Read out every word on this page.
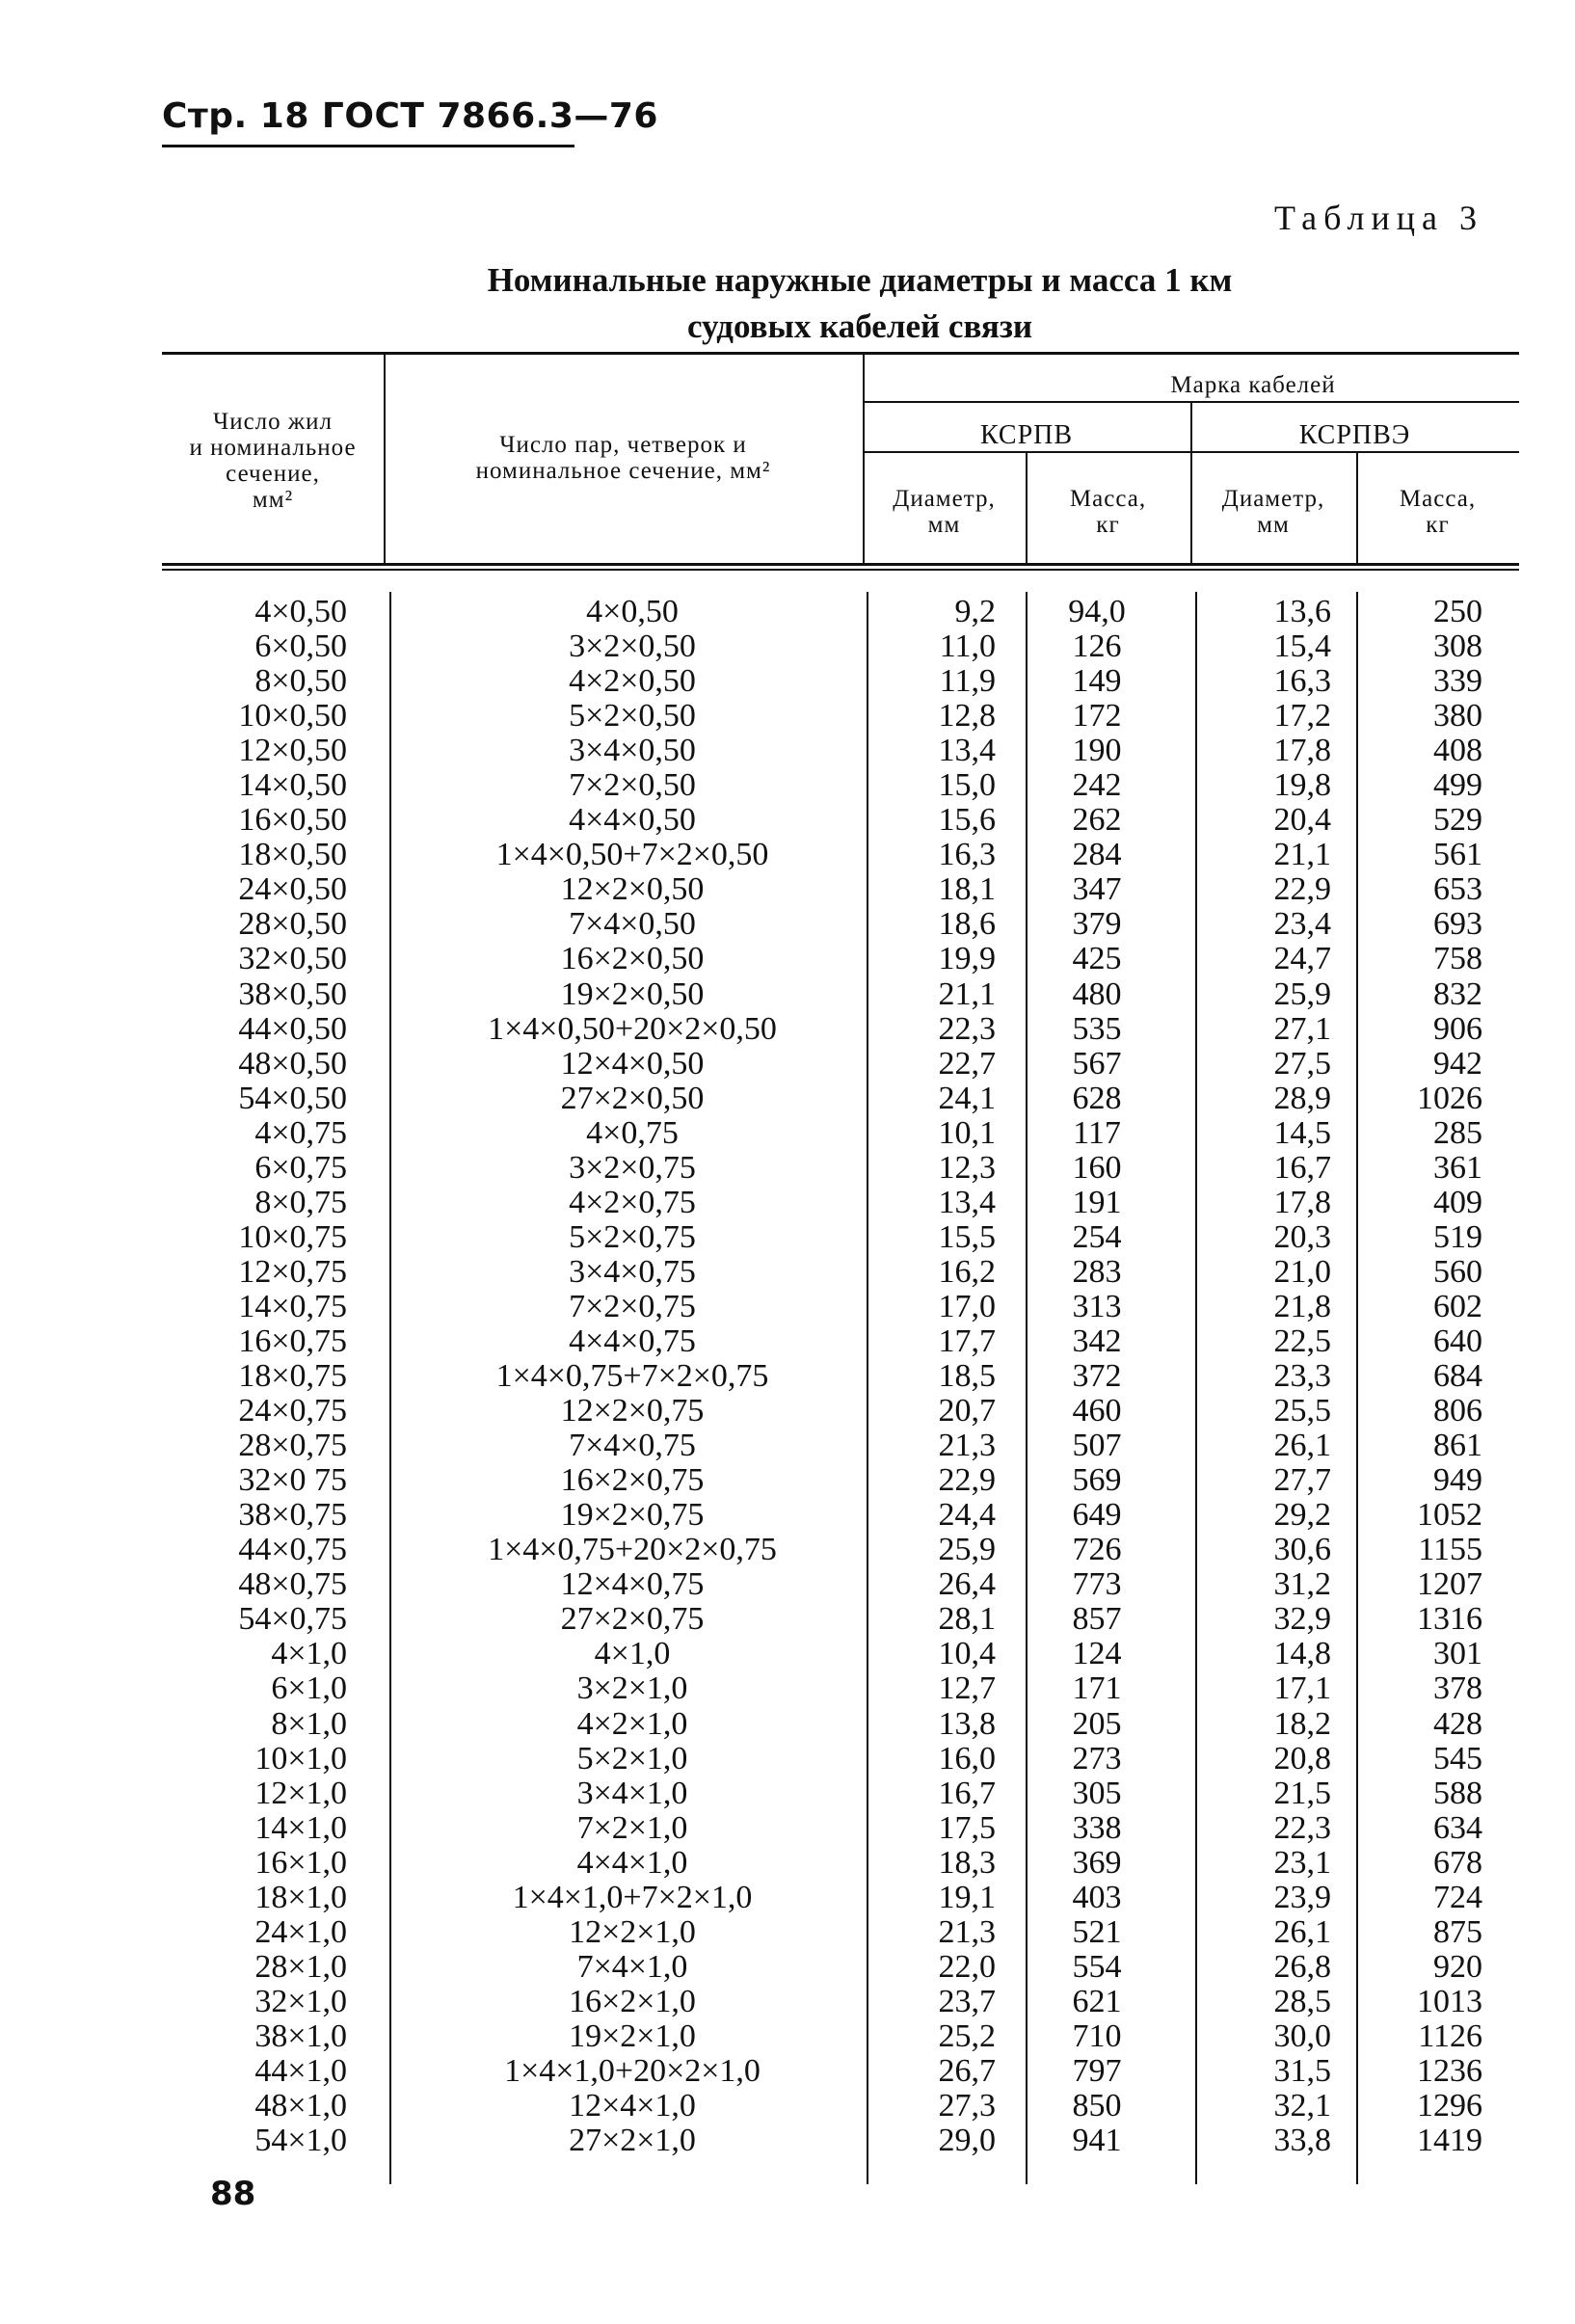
Стр. 18 ГОСТ 7866.3—76
Таблица 3
Номинальные наружные диаметры и масса 1 км
судовых кабелей связи
Число жил
и номинальное
сечение,
мм²
Число пар, четверок и
номинальное сечение, мм²
Марка кабелей
КСРПВ	КСРПВЭ
Диаметр,
мм
Масса,
кг
Диаметр,
мм
Масса,
кг
4×0,50
6×0,50
8×0,50
10×0,50
12×0,50
14×0,50
16×0,50
18×0,50
24×0,50
28×0,50
32×0,50
38×0,50
44×0,50
48×0,50
54×0,50
4×0,75
6×0,75
8×0,75
10×0,75
12×0,75
14×0,75
16×0,75
18×0,75
24×0,75
28×0,75
32×0 75
38×0,75
44×0,75
48×0,75
54×0,75
4×1,0
6×1,0
8×1,0
10×1,0
12×1,0
14×1,0
16×1,0
18×1,0
24×1,0
28×1,0
32×1,0
38×1,0
44×1,0
48×1,0
54×1,0
4×0,50
3×2×0,50
4×2×0,50
5×2×0,50
3×4×0,50
7×2×0,50
4×4×0,50
1×4×0,50+7×2×0,50
12×2×0,50
7×4×0,50
16×2×0,50
19×2×0,50
1×4×0,50+20×2×0,50
12×4×0,50
27×2×0,50
4×0,75
3×2×0,75
4×2×0,75
5×2×0,75
3×4×0,75
7×2×0,75
4×4×0,75
1×4×0,75+7×2×0,75
12×2×0,75
7×4×0,75
16×2×0,75
19×2×0,75
1×4×0,75+20×2×0,75
12×4×0,75
27×2×0,75
4×1,0
3×2×1,0
4×2×1,0
5×2×1,0
3×4×1,0
7×2×1,0
4×4×1,0
1×4×1,0+7×2×1,0
12×2×1,0
7×4×1,0
16×2×1,0
19×2×1,0
1×4×1,0+20×2×1,0
12×4×1,0
27×2×1,0
9,2
11,0
11,9
12,8
13,4
15,0
15,6
16,3
18,1
18,6
19,9
21,1
22,3
22,7
24,1
10,1
12,3
13,4
15,5
16,2
17,0
17,7
18,5
20,7
21,3
22,9
24,4
25,9
26,4
28,1
10,4
12,7
13,8
16,0
16,7
17,5
18,3
19,1
21,3
22,0
23,7
25,2
26,7
27,3
29,0
94,0
126
149
172
190
242
262
284
347
379
425
480
535
567
628
117
160
191
254
283
313
342
372
460
507
569
649
726
773
857
124
171
205
273
305
338
369
403
521
554
621
710
797
850
941
13,6
15,4
16,3
17,2
17,8
19,8
20,4
21,1
22,9
23,4
24,7
25,9
27,1
27,5
28,9
14,5
16,7
17,8
20,3
21,0
21,8
22,5
23,3
25,5
26,1
27,7
29,2
30,6
31,2
32,9
14,8
17,1
18,2
20,8
21,5
22,3
23,1
23,9
26,1
26,8
28,5
30,0
31,5
32,1
33,8
250
308
339
380
408
499
529
561
653
693
758
832
906
942
1026
285
361
409
519
560
602
640
684
806
861
949
1052
1155
1207
1316
301
378
428
545
588
634
678
724
875
920
1013
1126
1236
1296
1419
88
